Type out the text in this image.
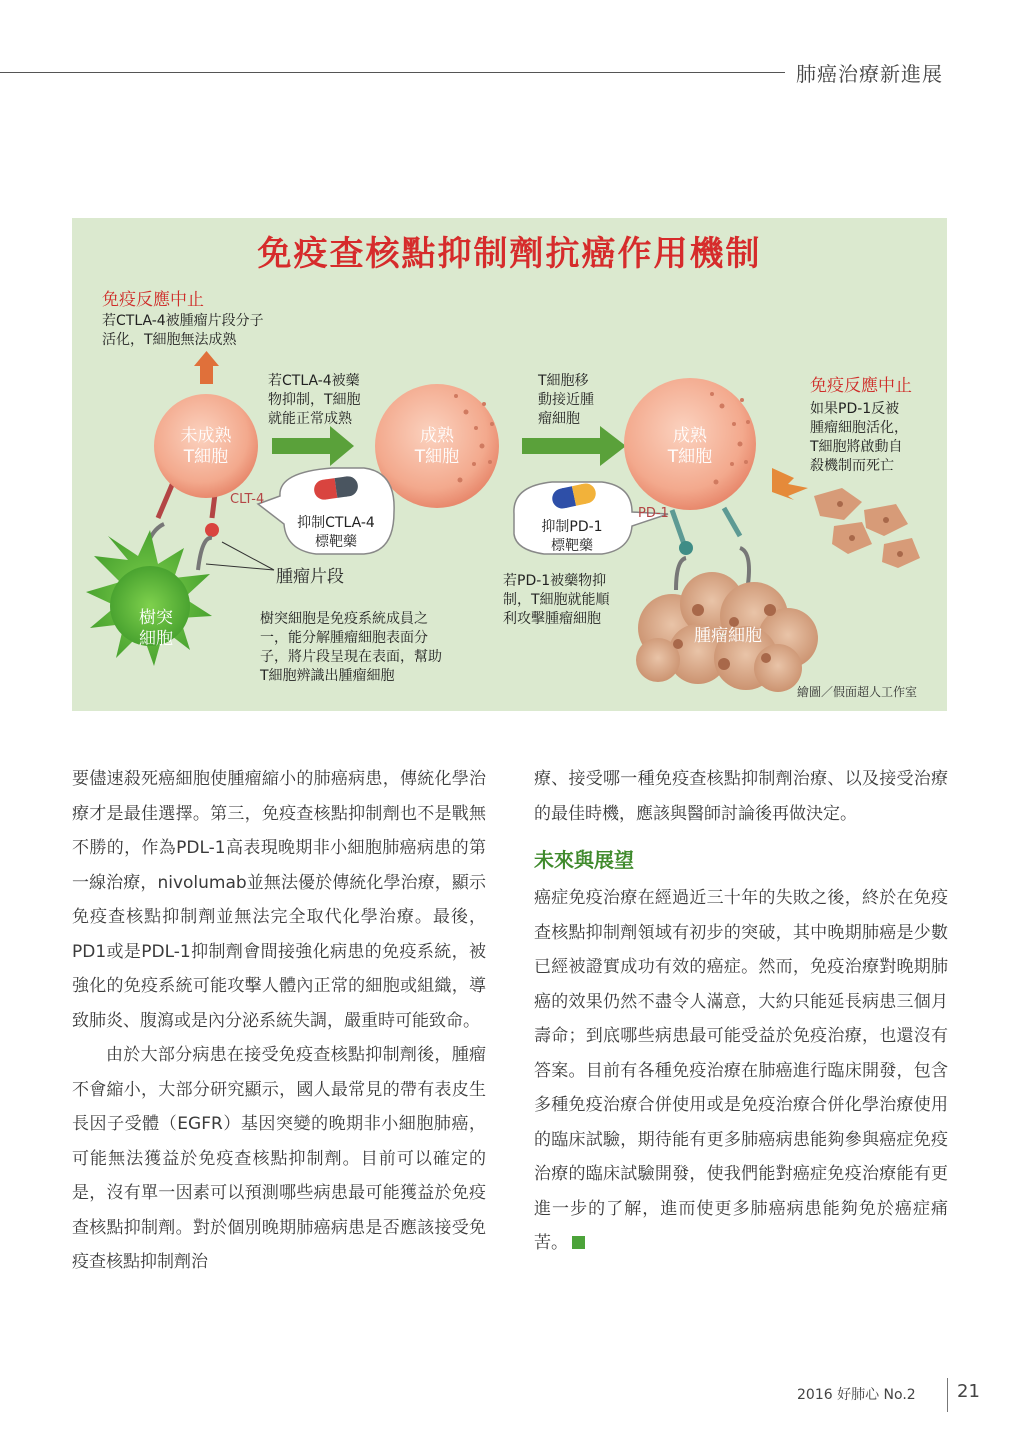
肺癌治療新進展
免疫查核點抑制劑抗癌作用機制
免疫反應中止
若CTLA-4被腫瘤片段分子
活化，T細胞無法成熟
若CTLA-4被藥
物抑制，T細胞
就能正常成熟
T細胞移
動接近腫
瘤細胞
免疫反應中止
如果PD-1反被
腫瘤細胞活化，
T細胞將啟動自
殺機制而死亡
未成熟
T細胞
成熟
T細胞
成熟
T細胞
CLT-4
PD-1
抑制CTLA-4
標靶藥
抑制PD-1
標靶藥
腫瘤片段	若PD-1被藥物抑
制，T細胞就能順
利攻擊腫瘤細胞
樹突
細胞
樹突細胞是免疫系統成員之
一，能分解腫瘤細胞表面分
子，將片段呈現在表面，幫助
T細胞辨識出腫瘤細胞
腫瘤細胞
繪圖／假面超人工作室

要儘速殺死癌細胞使腫瘤縮小的肺癌病患，傳統化學治療才是最佳選擇。第三，免疫查核點抑制劑也不是戰無不勝的，作為PDL-1高表現晚期非小細胞肺癌病患的第一線治療，nivolumab並無法優於傳統化學治療，顯示免疫查核點抑制劑並無法完全取代化學治療。最後，PD1或是PDL-1抑制劑會間接強化病患的免疫系統，被強化的免疫系統可能攻擊人體內正常的細胞或組織，導致肺炎、腹瀉或是內分泌系統失調，嚴重時可能致命。

由於大部分病患在接受免疫查核點抑制劑後，腫瘤不會縮小，大部分研究顯示，國人最常見的帶有表皮生長因子受體（EGFR）基因突變的晚期非小細胞肺癌，可能無法獲益於免疫查核點抑制劑。目前可以確定的是，沒有單一因素可以預測哪些病患最可能獲益於免疫查核點抑制劑。對於個別晚期肺癌病患是否應該接受免疫查核點抑制劑治

療、接受哪一種免疫查核點抑制劑治療、以及接受治療的最佳時機，應該與醫師討論後再做決定。

未來與展望

癌症免疫治療在經過近三十年的失敗之後，終於在免疫查核點抑制劑領域有初步的突破，其中晚期肺癌是少數已經被證實成功有效的癌症。然而，免疫治療對晚期肺癌的效果仍然不盡令人滿意，大約只能延長病患三個月壽命；到底哪些病患最可能受益於免疫治療，也還沒有答案。目前有各種免疫治療在肺癌進行臨床開發，包含多種免疫治療合併使用或是免疫治療合併化學治療使用的臨床試驗，期待能有更多肺癌病患能夠參與癌症免疫治療的臨床試驗開發，使我們能對癌症免疫治療能有更進一步的了解，進而使更多肺癌病患能夠免於癌症痛苦。

2016 好肺心 No.2 21
